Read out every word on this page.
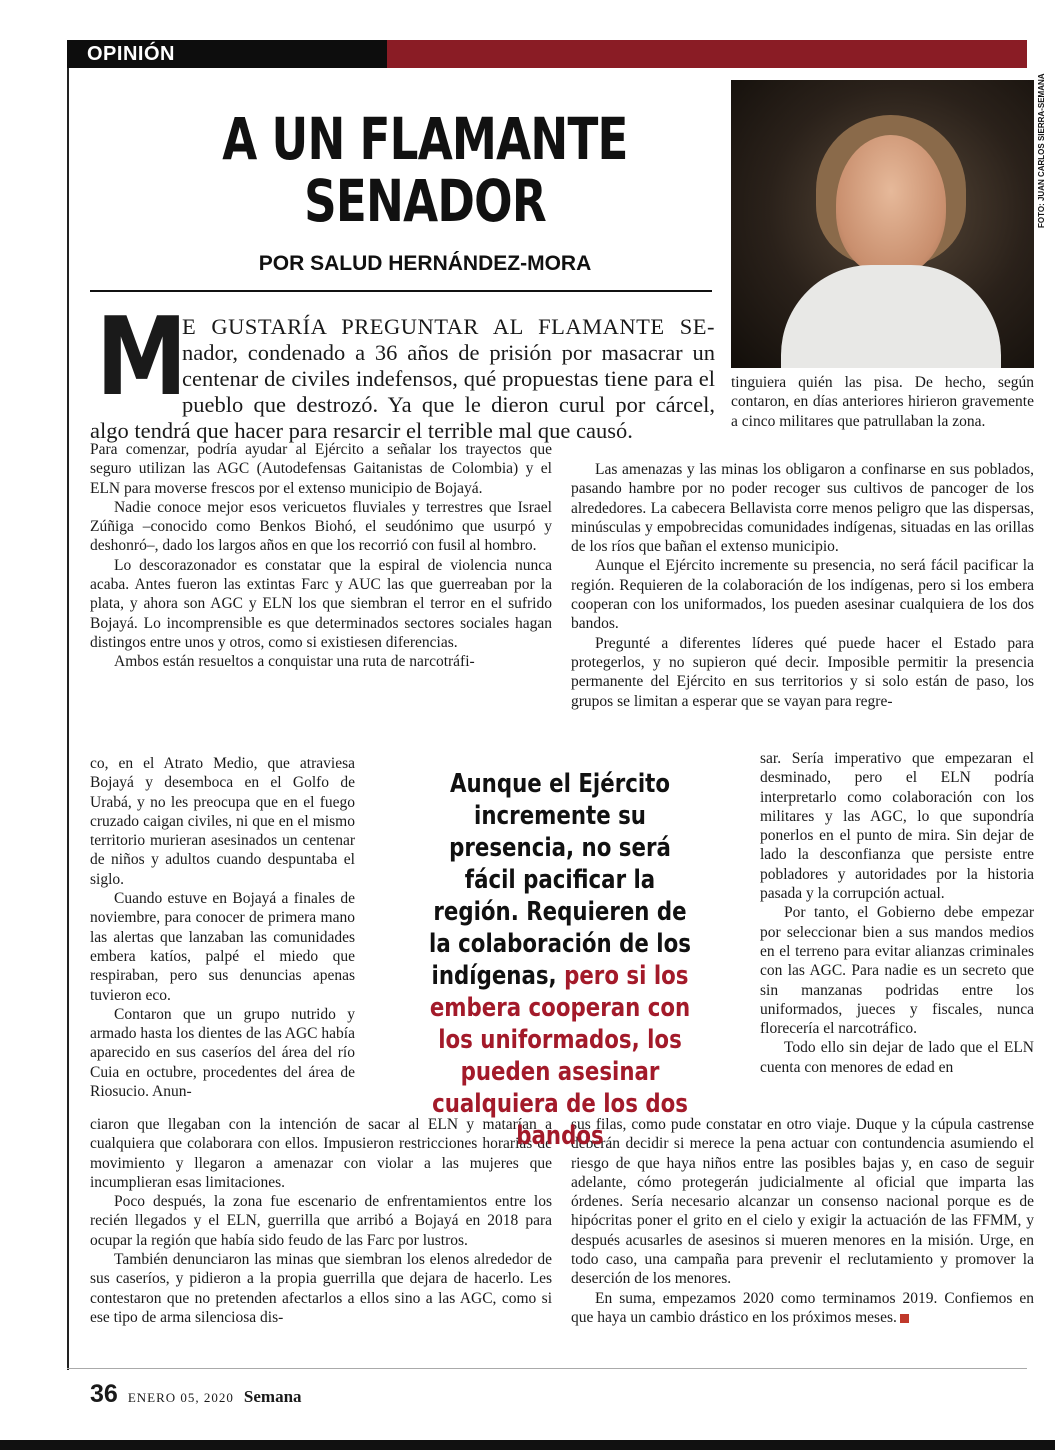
OPINIÓN
A UN FLAMANTE
SENADOR
POR SALUD HERNÁNDEZ-MORA
FOTO: JUAN CARLOS SIERRA-SEMANA
M
E GUSTARÍA PREGUNTAR AL FLAMANTE SE- nador, condenado a 36 años de prisión por masacrar un centenar de civiles indefensos, qué propuestas tiene para el pueblo que destrozó. Ya que le dieron curul por cárcel, algo tendrá que hacer para resarcir el terrible mal que causó.

Para comenzar, podría ayudar al Ejército a señalar los trayectos que seguro utilizan las AGC (Autodefensas Gaitanistas de Colombia) y el ELN para moverse frescos por el extenso municipio de Bojayá.

Nadie conoce mejor esos vericuetos fluviales y terrestres que Israel Zúñiga –conocido como Benkos Biohó, el seudónimo que usurpó y deshonró–, dado los largos años en que los recorrió con fusil al hombro.

Lo descorazonador es constatar que la espiral de violencia nunca acaba. Antes fueron las extintas Farc y AUC las que guerreaban por la plata, y ahora son AGC y ELN los que siembran el terror en el sufrido Bojayá. Lo incomprensible es que determinados sectores sociales hagan distingos entre unos y otros, como si existiesen diferencias.

Ambos están resueltos a conquistar una ruta de narcotráfi-

co, en el Atrato Medio, que atraviesa Bojayá y desemboca en el Golfo de Urabá, y no les preocupa que en el fuego cruzado caigan civiles, ni que en el mismo territorio murieran asesinados un centenar de niños y adultos cuando despuntaba el siglo.

Cuando estuve en Bojayá a finales de noviembre, para conocer de primera mano las alertas que lanzaban las comunidades embera katíos, palpé el miedo que respiraban, pero sus denuncias apenas tuvieron eco.

Contaron que un grupo nutrido y armado hasta los dientes de las AGC había aparecido en sus caseríos del área del río Cuia en octubre, procedentes del área de Riosucio. Anun-

ciaron que llegaban con la intención de sacar al ELN y matarían a cualquiera que colaborara con ellos. Impusieron restricciones horarias de movimiento y llegaron a amenazar con violar a las mujeres que incumplieran esas limitaciones.

Poco después, la zona fue escenario de enfrentamientos entre los recién llegados y el ELN, guerrilla que arribó a Bojayá en 2018 para ocupar la región que había sido feudo de las Farc por lustros.

También denunciaron las minas que siembran los elenos alrededor de sus caseríos, y pidieron a la propia guerrilla que dejara de hacerlo. Les contestaron que no pretenden afectarlos a ellos sino a las AGC, como si ese tipo de arma silenciosa dis-

tinguiera quién las pisa. De hecho, según contaron, en días anteriores hirieron gravemente a cinco militares que patrullaban la zona.

Las amenazas y las minas los obligaron a confinarse en sus poblados, pasando hambre por no poder recoger sus cultivos de pancoger de los alrededores. La cabecera Bellavista corre menos peligro que las dispersas, minúsculas y empobrecidas comunidades indígenas, situadas en las orillas de los ríos que bañan el extenso municipio.

Aunque el Ejército incremente su presencia, no será fácil pacificar la región. Requieren de la colaboración de los indígenas, pero si los embera cooperan con los uniformados, los pueden asesinar cualquiera de los dos bandos.

Pregunté a diferentes líderes qué puede hacer el Estado para protegerlos, y no supieron qué decir. Imposible permitir la presencia permanente del Ejército en sus territorios y si solo están de paso, los grupos se limitan a esperar que se vayan para regre-

sar. Sería imperativo que empezaran el desminado, pero el ELN podría interpretarlo como colaboración con los militares y las AGC, lo que supondría ponerlos en el punto de mira. Sin dejar de lado la desconfianza que persiste entre pobladores y autoridades por la historia pasada y la corrupción actual.

Por tanto, el Gobierno debe empezar por seleccionar bien a sus mandos medios en el terreno para evitar alianzas criminales con las AGC. Para nadie es un secreto que sin manzanas podridas entre los uniformados, jueces y fiscales, nunca florecería el narcotráfico.

Todo ello sin dejar de lado que el ELN cuenta con menores de edad en

sus filas, como pude constatar en otro viaje. Duque y la cúpula castrense deberán decidir si merece la pena actuar con contundencia asumiendo el riesgo de que haya niños entre las posibles bajas y, en caso de seguir adelante, cómo protegerán judicialmente al oficial que imparta las órdenes. Sería necesario alcanzar un consenso nacional porque es de hipócritas poner el grito en el cielo y exigir la actuación de las FFMM, y después acusarles de asesinos si mueren menores en la misión. Urge, en todo caso, una campaña para prevenir el reclutamiento y promover la deserción de los menores.

En suma, empezamos 2020 como terminamos 2019. Confiemos en que haya un cambio drástico en los próximos meses.

Aunque el Ejército incremente su presencia, no será fácil pacificar la región. Requieren de la colaboración de los indígenas, pero si los embera cooperan con los uniformados, los pueden asesinar cualquiera de los dos bandos
36 ENERO 05, 2020 Semana
